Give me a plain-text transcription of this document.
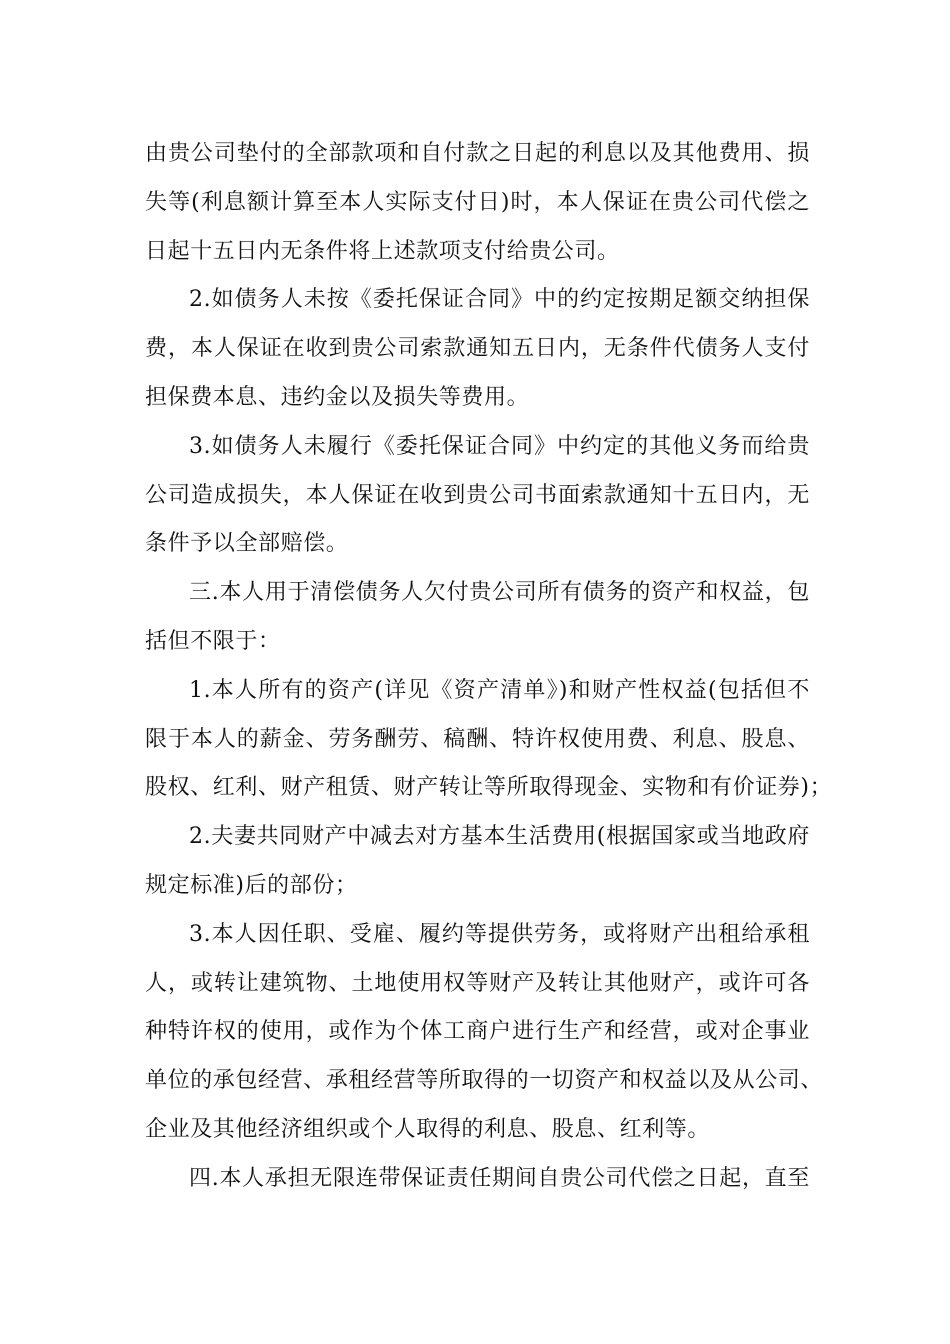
由贵公司垫付的全部款项和自付款之日起的利息以及其他费用、损
失等(利息额计算至本人实际支付日)时，本人保证在贵公司代偿之
日起十五日内无条件将上述款项支付给贵公司。
2.如债务人未按《委托保证合同》中的约定按期足额交纳担保
费，本人保证在收到贵公司索款通知五日内，无条件代债务人支付
担保费本息、违约金以及损失等费用。
3.如债务人未履行《委托保证合同》中约定的其他义务而给贵
公司造成损失，本人保证在收到贵公司书面索款通知十五日内，无
条件予以全部赔偿。
三.本人用于清偿债务人欠付贵公司所有债务的资产和权益，包
括但不限于：
1.本人所有的资产(详见《资产清单》)和财产性权益(包括但不
限于本人的薪金、劳务酬劳、稿酬、特许权使用费、利息、股息、
股权、红利、财产租赁、财产转让等所取得现金、实物和有价证券)；
2.夫妻共同财产中减去对方基本生活费用(根据国家或当地政府
规定标准)后的部份；
3.本人因任职、受雇、履约等提供劳务，或将财产出租给承租
人，或转让建筑物、土地使用权等财产及转让其他财产，或许可各
种特许权的使用，或作为个体工商户进行生产和经营，或对企事业
单位的承包经营、承租经营等所取得的一切资产和权益以及从公司、
企业及其他经济组织或个人取得的利息、股息、红利等。
四.本人承担无限连带保证责任期间自贵公司代偿之日起，直至
